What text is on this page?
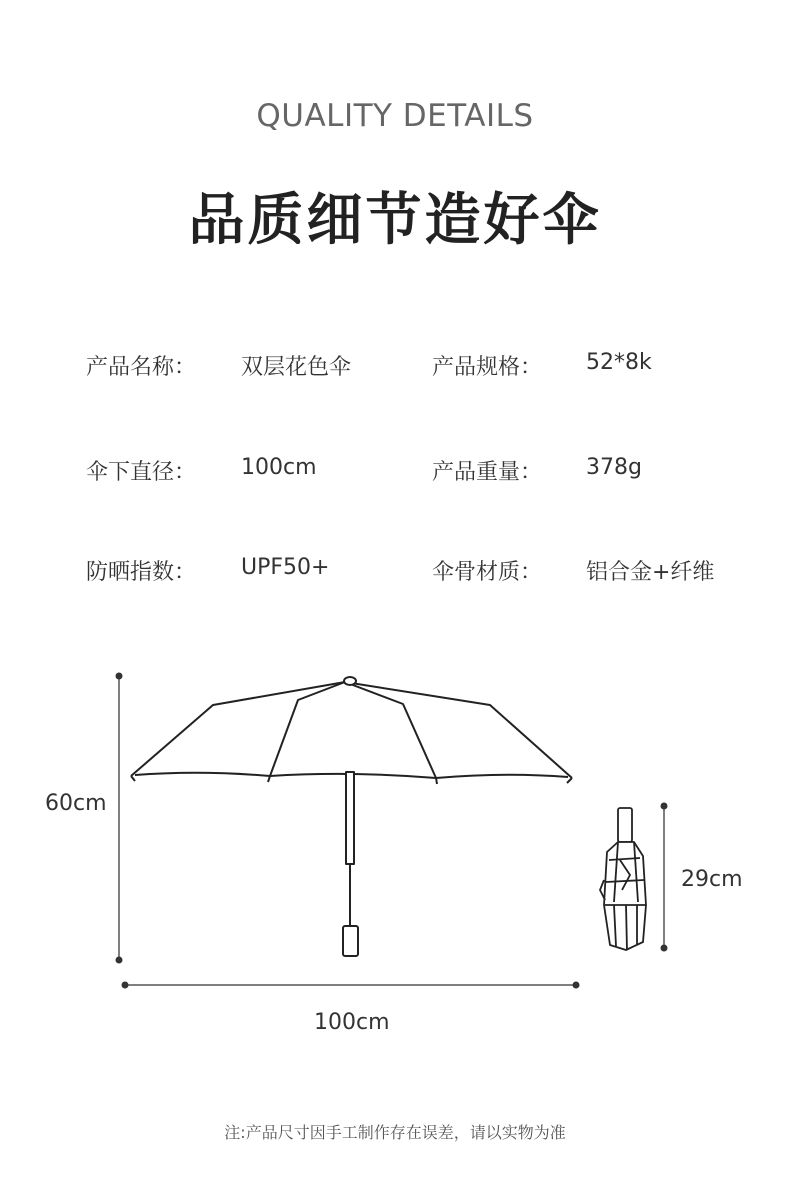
QUALITY DETAILS
品质细节造好伞
产品名称： 双层花色伞	产品规格： 52*8k
伞下直径： 100cm	产品重量： 378g
防晒指数： UPF50+	伞骨材质： 铝合金+纤维
60cm
100cm
29cm
注:产品尺寸因手工制作存在误差，请以实物为准
